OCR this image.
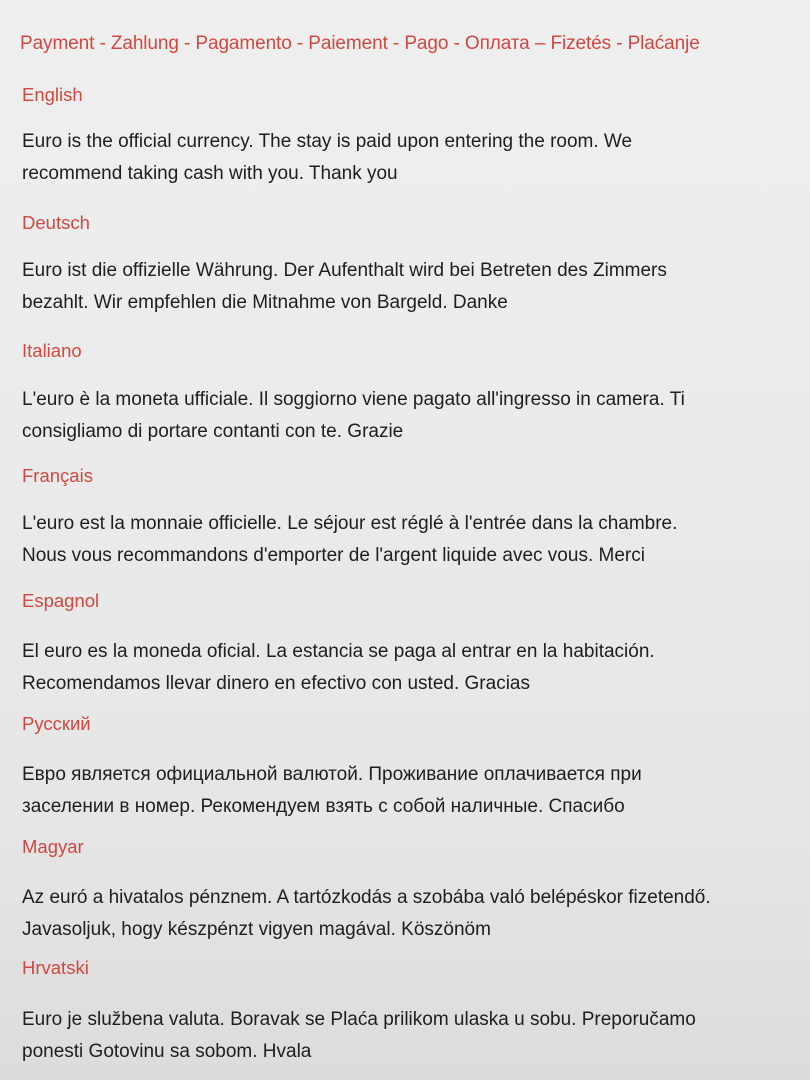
Payment - Zahlung - Pagamento - Paiement - Pago - Оплата – Fizetés - Plaćanje
English
Euro is the official currency. The stay is paid upon entering the room. We
recommend taking cash with you. Thank you
Deutsch
Euro ist die offizielle Währung. Der Aufenthalt wird bei Betreten des Zimmers
bezahlt. Wir empfehlen die Mitnahme von Bargeld. Danke
Italiano
L'euro è la moneta ufficiale. Il soggiorno viene pagato all'ingresso in camera. Ti
consigliamo di portare contanti con te. Grazie
Français
L'euro est la monnaie officielle. Le séjour est réglé à l'entrée dans la chambre.
Nous vous recommandons d'emporter de l'argent liquide avec vous. Merci
Espagnol
El euro es la moneda oficial. La estancia se paga al entrar en la habitación.
Recomendamos llevar dinero en efectivo con usted. Gracias
Русский
Евро является официальной валютой. Проживание оплачивается при
заселении в номер. Рекомендуем взять с собой наличные. Спасибо
Magyar
Az euró a hivatalos pénznem. A tartózkodás a szobába való belépéskor fizetendő.
Javasoljuk, hogy készpénzt vigyen magával. Köszönöm
Hrvatski
Euro je službena valuta. Boravak se Plaća prilikom ulaska u sobu. Preporučamo
ponesti Gotovinu sa sobom. Hvala
